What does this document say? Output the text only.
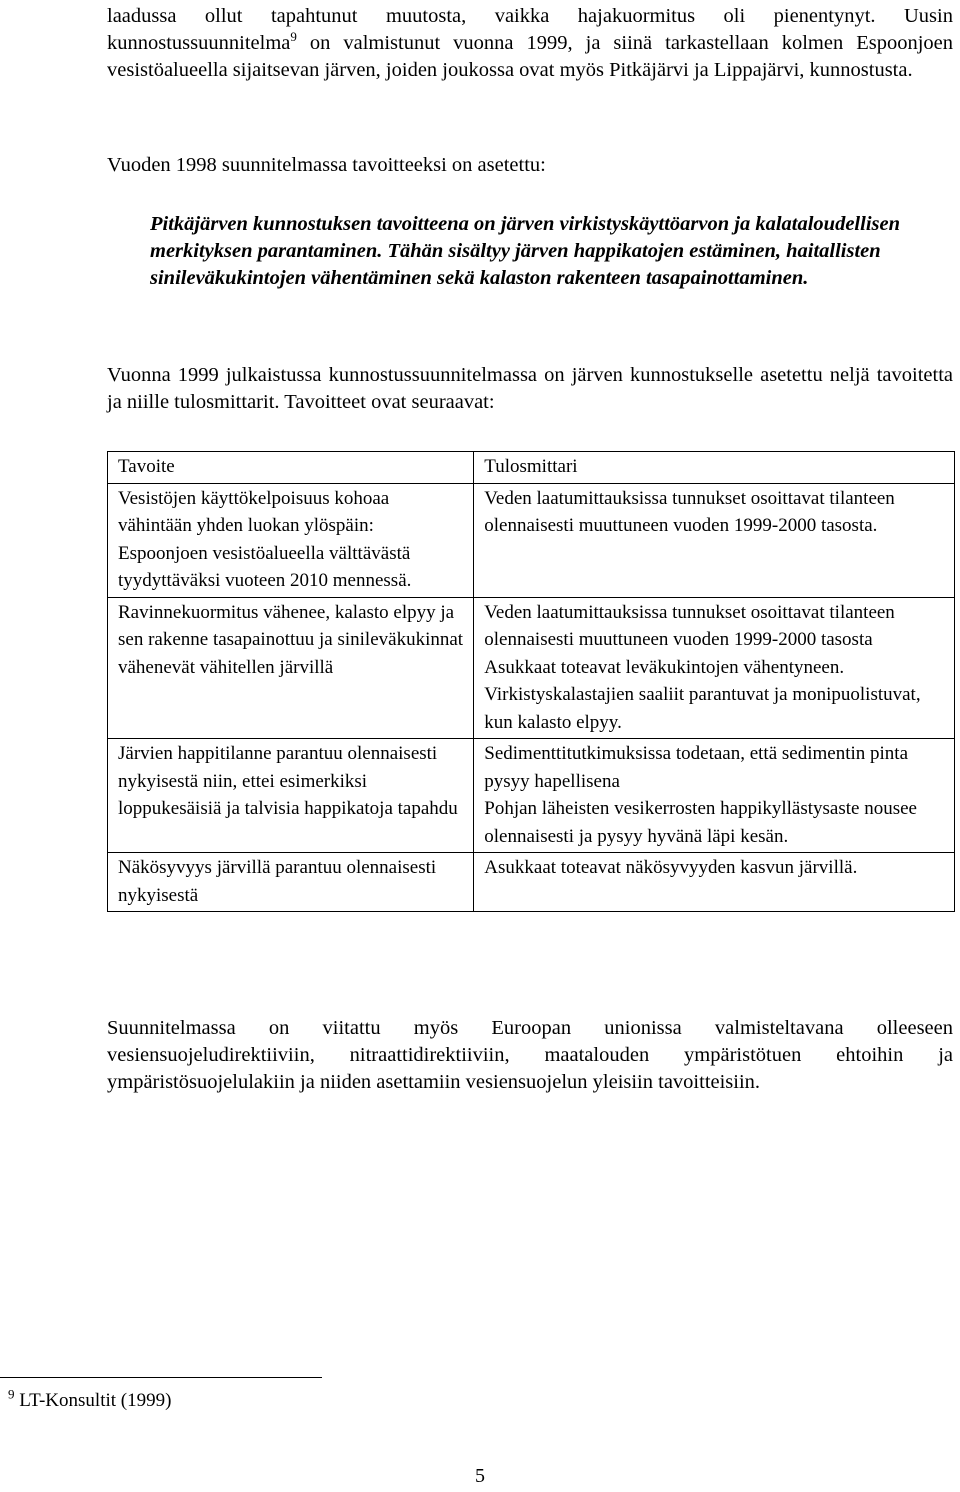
laadussa ollut tapahtunut muutosta, vaikka hajakuormitus oli pienentynyt. Uusin kunnostussuunnitelma$^9$ on valmistunut vuonna 1999, ja siinä tarkastellaan kolmen Espoonjoen vesistöalueella sijaitsevan järven, joiden joukossa ovat myös Pitkäjärvi ja Lippajärvi, kunnostusta.
Vuoden 1998 suunnitelmassa tavoitteeksi on asetettu:
Pitkäjärven kunnostuksen tavoitteena on järven virkistyskäyttöarvon ja kalataloudellisen merkityksen parantaminen. Tähän sisältyy järven happikatojen estäminen, haitallisten sinileväkukintojen vähentäminen sekä kalaston rakenteen tasapainottaminen.
Vuonna 1999 julkaistussa kunnostussuunnitelmassa on järven kunnostukselle asetettu neljä tavoitetta ja niille tulosmittarit. Tavoitteet ovat seuraavat:
Tavoite	Tulosmittari
Vesistöjen käyttökelpoisuus kohoaa vähintään yhden luokan ylöspäin: Espoonjoen vesistöalueella välttävästä tyydyttäväksi vuoteen 2010 mennessä.	Veden laatumittauksissa tunnukset osoittavat tilanteen olennaisesti muuttuneen vuoden 1999-2000 tasosta.

Ravinnekuormitus vähenee, kalasto elpyy ja sen rakenne tasapainottuu ja sinileväkukinnat vähenevät vähitellen järvillä	Veden laatumittauksissa tunnukset osoittavat tilanteen olennaisesti muuttuneen vuoden 1999-2000 tasosta
Asukkaat toteavat leväkukintojen vähentyneen.
Virkistyskalastajien saaliit parantuvat ja monipuolistuvat, kun kalasto elpyy.

Järvien happitilanne parantuu olennaisesti nykyisestä niin, ettei esimerkiksi loppukesäisiä ja talvisia happikatoja tapahdu	Sedimenttitutkimuksissa todetaan, että sedimentin pinta pysyy hapellisena
Pohjan läheisten vesikerrosten happikyllästysaste nousee olennaisesti ja pysyy hyvänä läpi kesän.

Näkösyvyys järvillä parantuu olennaisesti nykyisestä	Asukkaat toteavat näkösyvyyden kasvun järvillä.
Suunnitelmassa on viitattu myös Euroopan unionissa valmisteltavana olleeseen vesiensuojeludirektiiviin, nitraattidirektiiviin, maatalouden ympäristötuen ehtoihin ja ympäristösuojelulakiin ja niiden asettamiin vesiensuojelun yleisiin tavoitteisiin.
$^9$ LT-Konsultit (1999)
5
